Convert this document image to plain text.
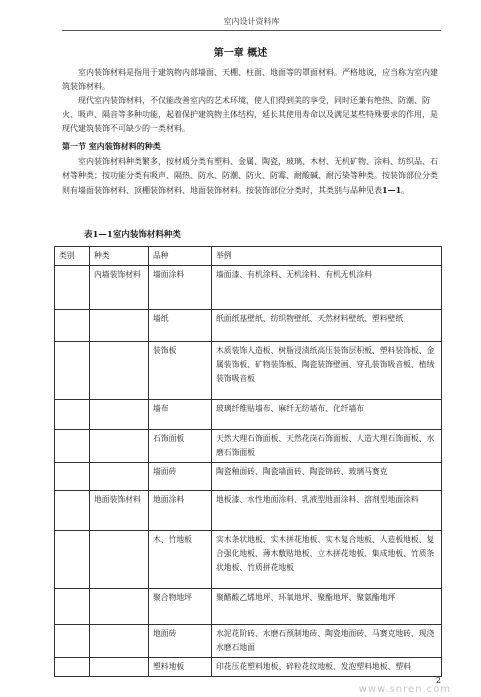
室内设计资料库
第一章 概述

室内装饰材料是指用于建筑物内部墙面、天棚、柱面、地面等的罩面材料。严格地说，应当称为室内建筑装饰材料。

现代室内装饰材料，不仅能改善室内的艺术环境，使人们得到美的享受，同时还兼有绝热、防潮、防火、吸声、隔音等多种功能，起着保护建筑物主体结构，延长其使用寿命以及满足某些特殊要求的作用，是现代建筑装饰不可缺少的一类材料。

第一节 室内装饰材料的种类

室内装饰材料种类繁多，按材质分类有塑料、金属、陶瓷，玻璃、木材、无机矿物、涂料、纺织品、石材等种类；按功能分类有吸声、隔热、防水、防潮、防火、防霉、耐酸碱、耐污染等种类。按装饰部位分类则有墙面装饰材料、顶棚装饰材料、地面装饰材料。按装饰部位分类时，其类别与品种见表1—1。

表1—1室内装饰材料种类
类别	种类	品种	举例
	内墙装饰材料	墙面涂料	墙面漆、有机涂料、无机涂料、有机无机涂料
		墙纸	纸面纸基壁纸、纺织物壁纸、天然材料壁纸、塑料壁纸
		装饰板	木质装饰人造板、树脂浸渍纸高压装饰层积板、塑料装饰板、金属装饰板、矿物装饰板、陶瓷装饰壁画、穿孔装饰吸音板、植绒装饰吸音板
		墙布	玻璃纤维贴墙布、麻纤无纺墙布、化纤墙布
		石饰面板	天然大理石饰面板、天然花岗石饰面板、人造大理石饰面板、水磨石饰面板
		墙面砖	陶瓷釉面砖、陶瓷墙面砖、陶瓷锦砖、玻璃马赛克
	地面装饰材料	地面涂料	地板漆、水性地面涂料、乳液型地面涂料、溶剂型地面涂料
		木、竹地板	实木条状地板、实木拼花地板、实木复合地板、人造板地板、复合强化地板、薄木敷贴地板、立木拼花地板、集成地板、竹质条状地板、竹质拼花地板
		聚合物地坪	聚醋酸乙烯地坪、环氧地坪、聚酯地坪、聚氨酯地坪
		地面砖	水泥花阶砖、水磨石预制地砖、陶瓷地面砖、马赛克地砖、现浇水磨石地面
		塑料地板	印花压花塑料地板、碎粒花纹地板、发泡塑料地板、塑料
2
www.snren.com
